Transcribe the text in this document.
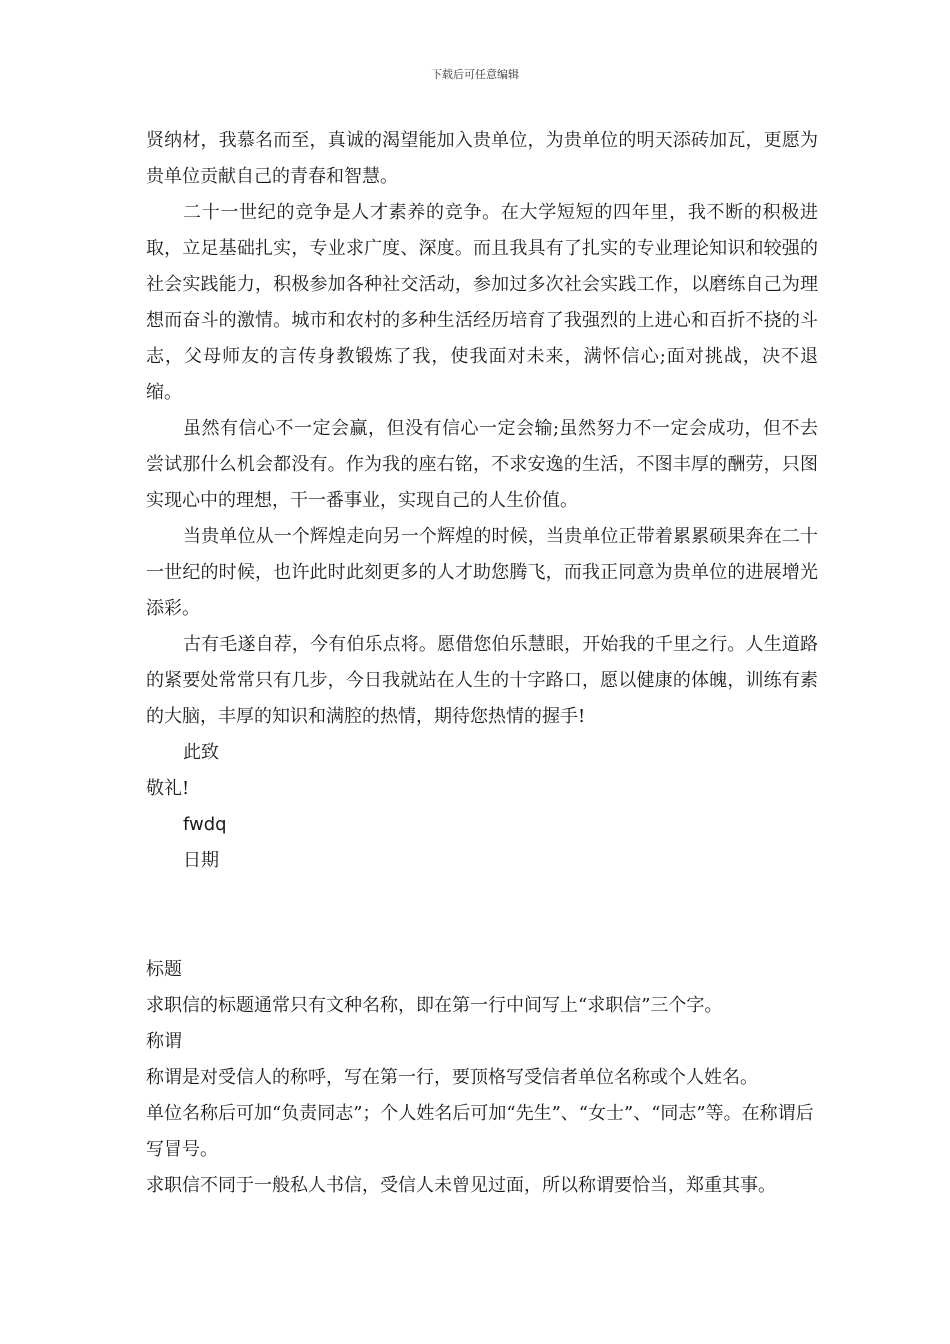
下载后可任意编辑

贤纳材，我慕名而至，真诚的渴望能加入贵单位，为贵单位的明天添砖加瓦，更愿为贵单位贡献自己的青春和智慧。

二十一世纪的竞争是人才素养的竞争。在大学短短的四年里，我不断的积极进取，立足基础扎实，专业求广度、深度。而且我具有了扎实的专业理论知识和较强的社会实践能力，积极参加各种社交活动，参加过多次社会实践工作，以磨练自己为理想而奋斗的激情。城市和农村的多种生活经历培育了我强烈的上进心和百折不挠的斗志，父母师友的言传身教锻炼了我，使我面对未来，满怀信心;面对挑战，决不退缩。

虽然有信心不一定会赢，但没有信心一定会输;虽然努力不一定会成功，但不去尝试那什么机会都没有。作为我的座右铭，不求安逸的生活，不图丰厚的酬劳，只图实现心中的理想，干一番事业，实现自己的人生价值。

当贵单位从一个辉煌走向另一个辉煌的时候，当贵单位正带着累累硕果奔在二十一世纪的时候，也许此时此刻更多的人才助您腾飞，而我正同意为贵单位的进展增光添彩。

古有毛遂自荐，今有伯乐点将。愿借您伯乐慧眼，开始我的千里之行。人生道路的紧要处常常只有几步，今日我就站在人生的十字路口，愿以健康的体魄，训练有素的大脑，丰厚的知识和满腔的热情，期待您热情的握手!

此致

敬礼!

fwdq

日期

标题

求职信的标题通常只有文种名称，即在第一行中间写上“求职信”三个字。

称谓

称谓是对受信人的称呼，写在第一行，要顶格写受信者单位名称或个人姓名。

单位名称后可加“负责同志”；个人姓名后可加“先生”、“女士”、“同志”等。在称谓后写冒号。

求职信不同于一般私人书信，受信人未曾见过面，所以称谓要恰当，郑重其事。
